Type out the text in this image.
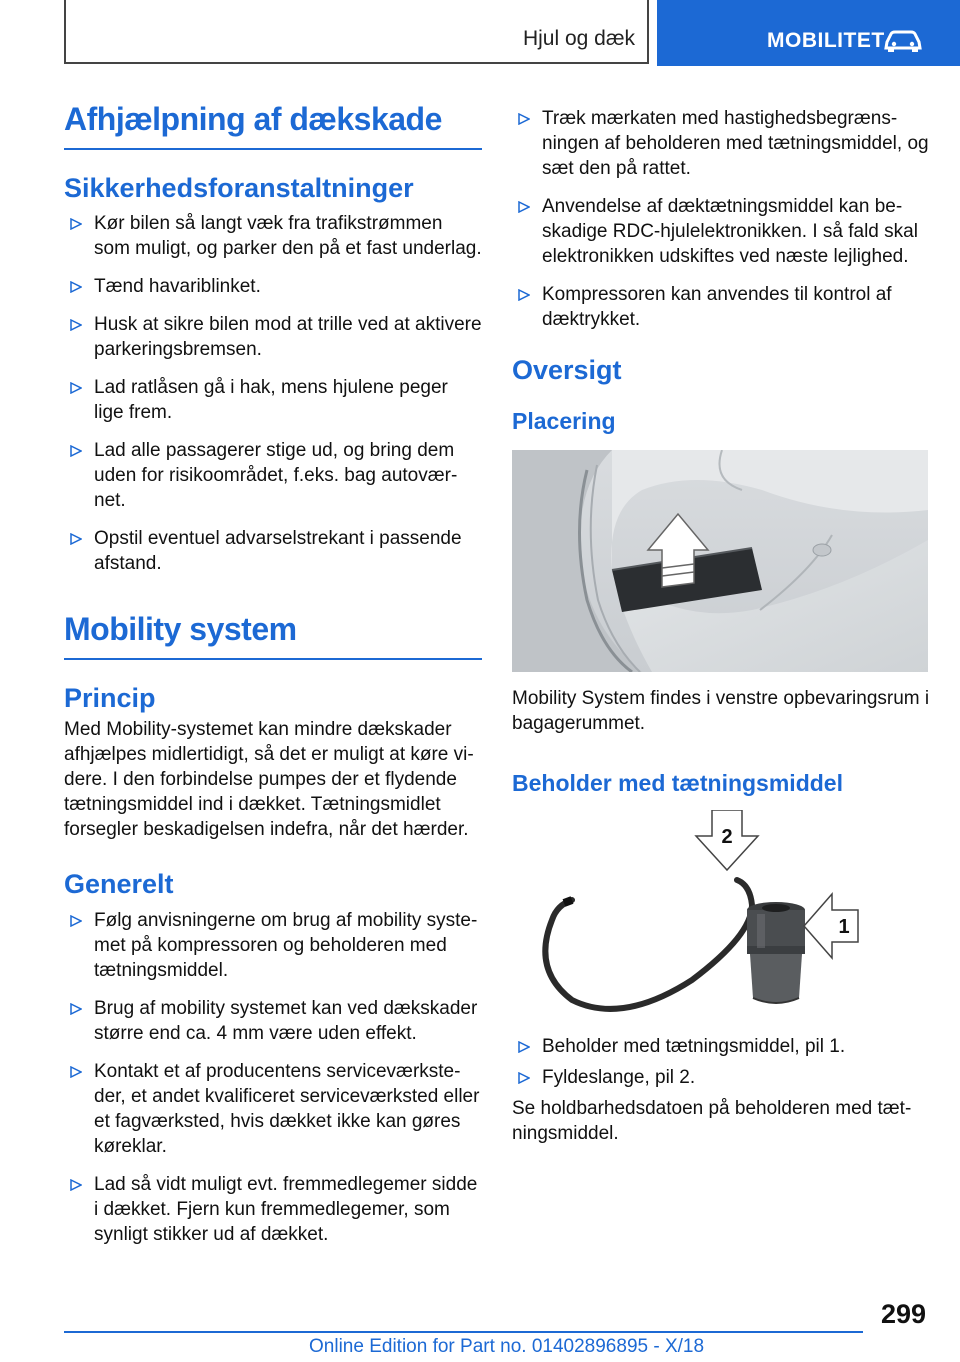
Hjul og dæk	MOBILITET
Afhjælpning af dækskade
Sikkerhedsforanstaltninger
Kør bilen så langt væk fra trafikstrømmen som muligt, og parker den på et fast underlag.
Tænd havariblinket.
Husk at sikre bilen mod at trille ved at aktivere parkeringsbremsen.
Lad ratlåsen gå i hak, mens hjulene peger lige frem.
Lad alle passagerer stige ud, og bring dem uden for risikoområdet, f.eks. bag autoværnet.
Opstil eventuel advarselstrekant i passende afstand.
Mobility system
Princip

Med Mobility-systemet kan mindre dækskader afhjælpes midlertidigt, så det er muligt at køre videre. I den forbindelse pumpes der et flydende tætningsmiddel ind i dækket. Tætningsmidlet forsegler beskadigelsen indefra, når det hærder.

Generelt
Følg anvisningerne om brug af mobility systemet på kompressoren og beholderen med tætningsmiddel.
Brug af mobility systemet kan ved dækskader større end ca. 4 mm være uden effekt.
Kontakt et af producentens serviceværksteder, et andet kvalificeret serviceværksted eller et fagværksted, hvis dækket ikke kan gøres køreklar.
Lad så vidt muligt evt. fremmedlegemer sidde i dækket. Fjern kun fremmedlegemer, som synligt stikker ud af dækket.
Træk mærkaten med hastighedsbegrænsningen af beholderen med tætningsmiddel, og sæt den på rattet.
Anvendelse af dæktætningsmiddel kan beskadige RDC-hjulelektronikken. I så fald skal elektronikken udskiftes ved næste lejlighed.
Kompressoren kan anvendes til kontrol af dæktrykket.
Oversigt
Placering

Mobility System findes i venstre opbevaringsrum i bagagerummet.

Beholder med tætningsmiddel
2
1
Beholder med tætningsmiddel, pil 1.
Fyldeslange, pil 2.

Se holdbarhedsdatoen på beholderen med tætningsmiddel.

299
Online Edition for Part no. 01402896895 - X/18
